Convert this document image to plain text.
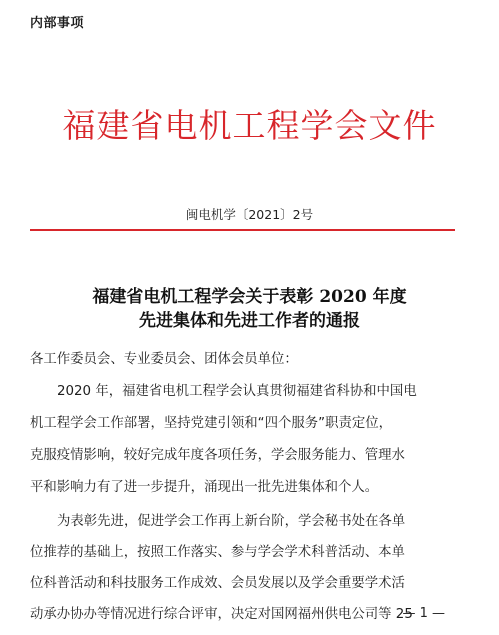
内部事项
福建省电机工程学会文件
闽电机学〔2021〕2号
福建省电机工程学会关于表彰 2020 年度
先进集体和先进工作者的通报
各工作委员会、专业委员会、团体会员单位：
2020 年，福建省电机工程学会认真贯彻福建省科协和中国电
机工程学会工作部署，坚持党建引领和“四个服务”职责定位，
克服疫情影响，较好完成年度各项任务，学会服务能力、管理水
平和影响力有了进一步提升，涌现出一批先进集体和个人。
为表彰先进，促进学会工作再上新台阶，学会秘书处在各单
位推荐的基础上，按照工作落实、参与学会学术科普活动、本单
位科普活动和科技服务工作成效、会员发展以及学会重要学术活
动承办协办等情况进行综合评审，决定对国网福州供电公司等 25
— 1 —
